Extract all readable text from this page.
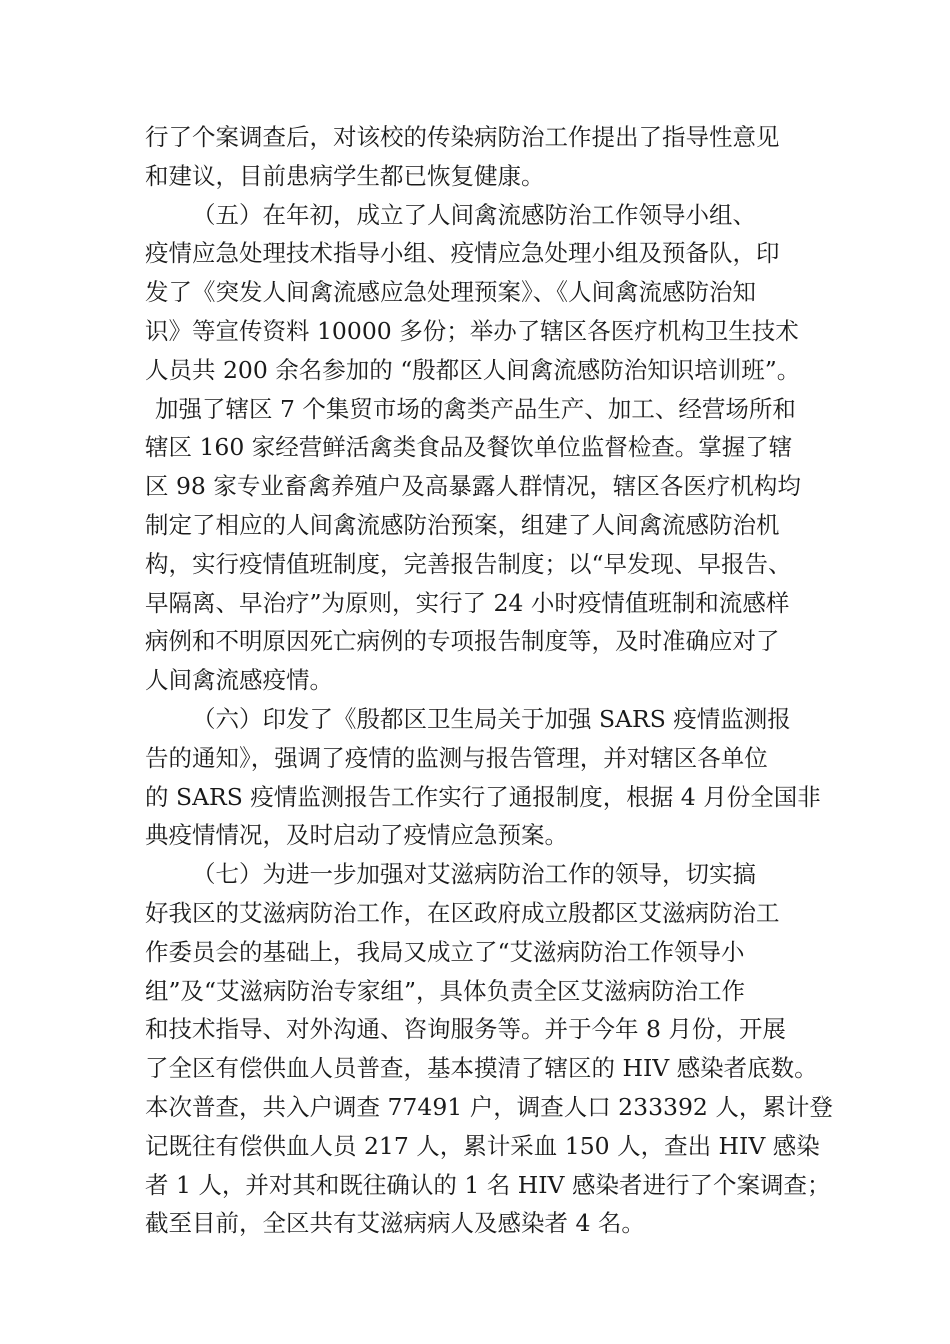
行了个案调查后，对该校的传染病防治工作提出了指导性意见
和建议，目前患病学生都已恢复健康。
（五）在年初，成立了人间禽流感防治工作领导小组、
疫情应急处理技术指导小组、疫情应急处理小组及预备队，印
发了《突发人间禽流感应急处理预案》、《人间禽流感防治知
识》等宣传资料 10000 多份；举办了辖区各医疗机构卫生技术
人员共 200 余名参加的 “殷都区人间禽流感防治知识培训班”。
加强了辖区 7 个集贸市场的禽类产品生产、加工、经营场所和
辖区 160 家经营鲜活禽类食品及餐饮单位监督检查。掌握了辖
区 98 家专业畜禽养殖户及高暴露人群情况，辖区各医疗机构均
制定了相应的人间禽流感防治预案，组建了人间禽流感防治机
构，实行疫情值班制度，完善报告制度；以“早发现、早报告、
早隔离、早治疗”为原则，实行了 24 小时疫情值班制和流感样
病例和不明原因死亡病例的专项报告制度等，及时准确应对了
人间禽流感疫情。
（六）印发了《殷都区卫生局关于加强 SARS 疫情监测报
告的通知》，强调了疫情的监测与报告管理，并对辖区各单位
的 SARS 疫情监测报告工作实行了通报制度，根据 4 月份全国非
典疫情情况，及时启动了疫情应急预案。
（七）为进一步加强对艾滋病防治工作的领导，切实搞
好我区的艾滋病防治工作，在区政府成立殷都区艾滋病防治工
作委员会的基础上，我局又成立了“艾滋病防治工作领导小
组”及“艾滋病防治专家组”，具体负责全区艾滋病防治工作
和技术指导、对外沟通、咨询服务等。并于今年 8 月份，开展
了全区有偿供血人员普查，基本摸清了辖区的 HIV 感染者底数。
本次普查，共入户调查 77491 户，调查人口 233392 人，累计登
记既往有偿供血人员 217 人，累计采血 150 人，查出 HIV 感染
者 1 人，并对其和既往确认的 1 名 HIV 感染者进行了个案调查；
截至目前，全区共有艾滋病病人及感染者 4 名。
